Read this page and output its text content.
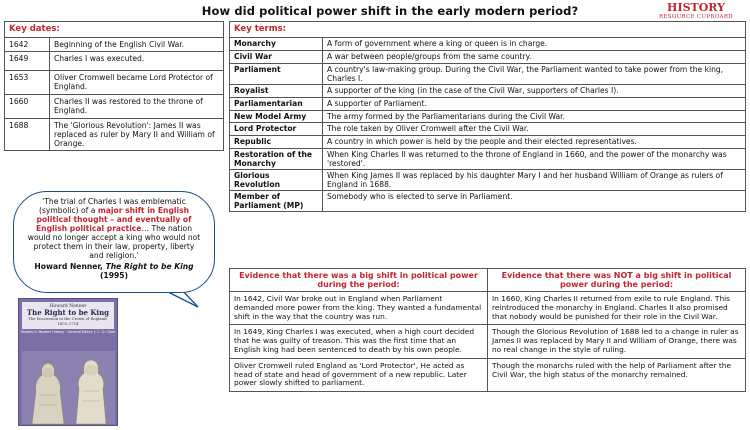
How did political power shift in the early modern period?	HISTORY
RESOURCE CUPBOARD
Key dates:	
1642	Beginning of the English Civil War.
1649	Charles I was executed.
1653	Oliver Cromwell became Lord Protector of England.
1660	Charles II was restored to the throne of England.
1688	The 'Glorious Revolution': James II was replaced as ruler by Mary II and William of Orange.
Key terms:	
Monarchy	A form of government where a king or queen is in charge.
Civil War	A war between people/groups from the same country.
Parliament	A country's law-making group. During the Civil War, the Parliament wanted to take power from the king, Charles I.
Royalist	A supporter of the king (in the case of the Civil War, supporters of Charles I).
Parliamentarian	A supporter of Parliament.
New Model Army	The army formed by the Parliamentarians during the Civil War.
Lord Protector	The role taken by Oliver Cromwell after the Civil War.
Republic	A country in which power is held by the people and their elected representatives.
Restoration of the Monarchy	When King Charles II was returned to the throne of England in 1660, and the power of the monarchy was 'restored'.
Glorious Revolution	When King James II was replaced by his daughter Mary I and her husband William of Orange as rulers of England in 1688.
Member of Parliament (MP)	Somebody who is elected to serve in Parliament.
'The trial of Charles I was emblematic (symbolic) of a major shift in English political thought – and eventually of English political practice… The nation would no longer accept a king who would not protect them in their law, property, liberty and religion.'
Howard Nenner, The Right to be King (1995)
Howard Nenner
The Right to be King
The Succession to the Crown of England, 1603–1714
Studies in Modern History · General Editor: J. C. D. Clark
Evidence that there was a big shift in political power during the period:	Evidence that there was NOT a big shift in political power during the period:
In 1642, Civil War broke out in England when Parliament demanded more power from the king. They wanted a fundamental shift in the way that the country was run.	In 1660, King Charles II returned from exile to rule England. This reintroduced the monarchy in England. Charles II also promised that nobody would be punished for their role in the Civil War.
In 1649, King Charles I was executed, when a high court decided that he was guilty of treason. This was the first time that an English king had been sentenced to death by his own people.	Though the Glorious Revolution of 1688 led to a change in ruler as James II was replaced by Mary II and William of Orange, there was no real change in the style of ruling.
Oliver Cromwell ruled England as 'Lord Protector', He acted as head of state and head of government of a new republic. Later power slowly shifted to parliament.	Though the monarchs ruled with the help of Parliament after the Civil War, the high status of the monarchy remained.
